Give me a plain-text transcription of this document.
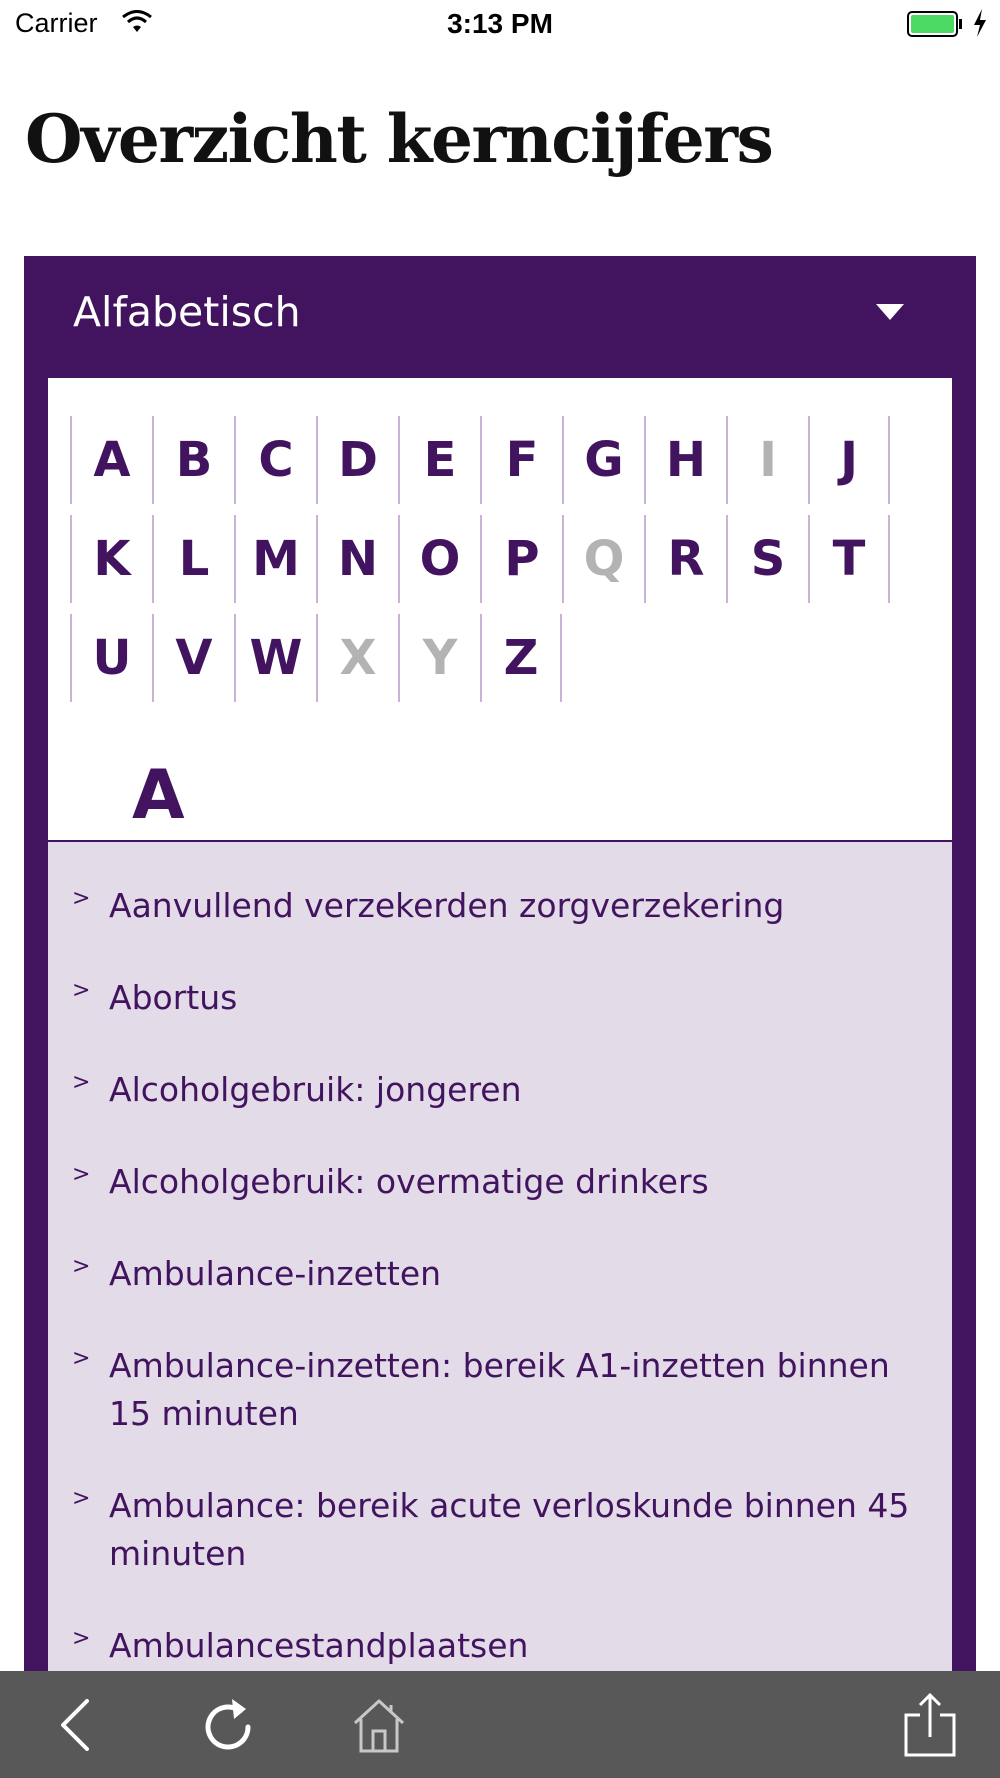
Carrier	3:13 PM
Overzicht kerncijfers
Alfabetisch
A B C D E	F G H	I	J
K	L M N O P Q R S T
U V W X Y Z
A
> Aanvullend verzekerden zorgverzekering
> Abortus
> Alcoholgebruik: jongeren
> Alcoholgebruik: overmatige drinkers
> Ambulance-inzetten
> Ambulance-inzetten: bereik A1-inzetten binnen 15 minuten
> Ambulance: bereik acute verloskunde binnen 45 minuten
> Ambulancestandplaatsen
